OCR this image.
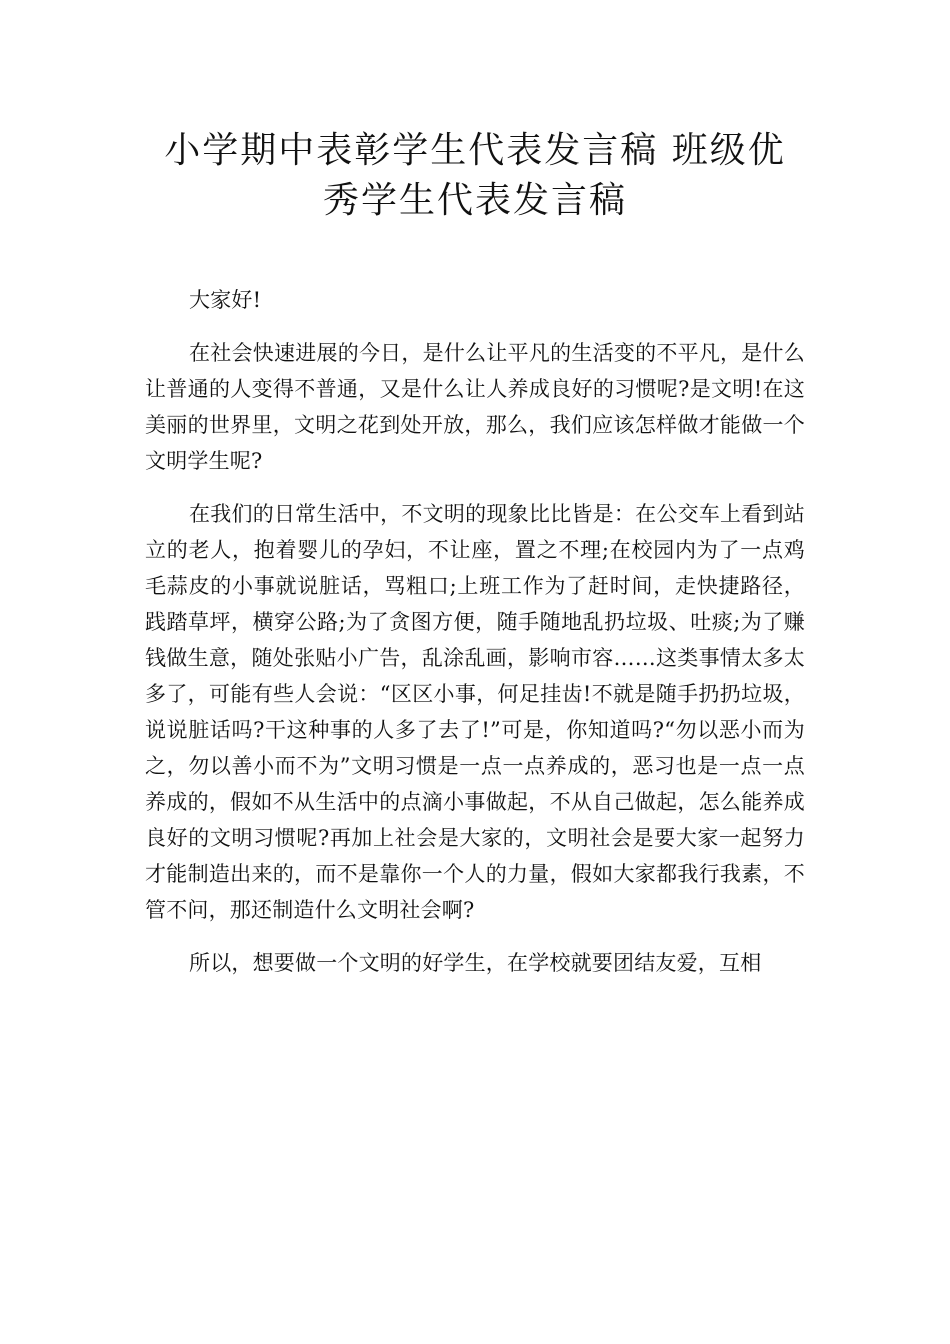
小学期中表彰学生代表发言稿 班级优
秀学生代表发言稿

大家好!

在社会快速进展的今日，是什么让平凡的生活变的不平凡，是什么让普通的人变得不普通，又是什么让人养成良好的习惯呢?是文明!在这美丽的世界里，文明之花到处开放，那么，我们应该怎样做才能做一个文明学生呢?

在我们的日常生活中，不文明的现象比比皆是：在公交车上看到站立的老人，抱着婴儿的孕妇，不让座，置之不理;在校园内为了一点鸡毛蒜皮的小事就说脏话，骂粗口;上班工作为了赶时间，走快捷路径，践踏草坪，横穿公路;为了贪图方便，随手随地乱扔垃圾、吐痰;为了赚钱做生意，随处张贴小广告，乱涂乱画，影响市容……这类事情太多太多了，可能有些人会说：“区区小事，何足挂齿!不就是随手扔扔垃圾，说说脏话吗?干这种事的人多了去了!”可是，你知道吗?“勿以恶小而为之，勿以善小而不为”文明习惯是一点一点养成的，恶习也是一点一点养成的，假如不从生活中的点滴小事做起，不从自己做起，怎么能养成良好的文明习惯呢?再加上社会是大家的，文明社会是要大家一起努力才能制造出来的，而不是靠你一个人的力量，假如大家都我行我素，不管不问，那还制造什么文明社会啊?

所以，想要做一个文明的好学生，在学校就要团结友爱，互相
